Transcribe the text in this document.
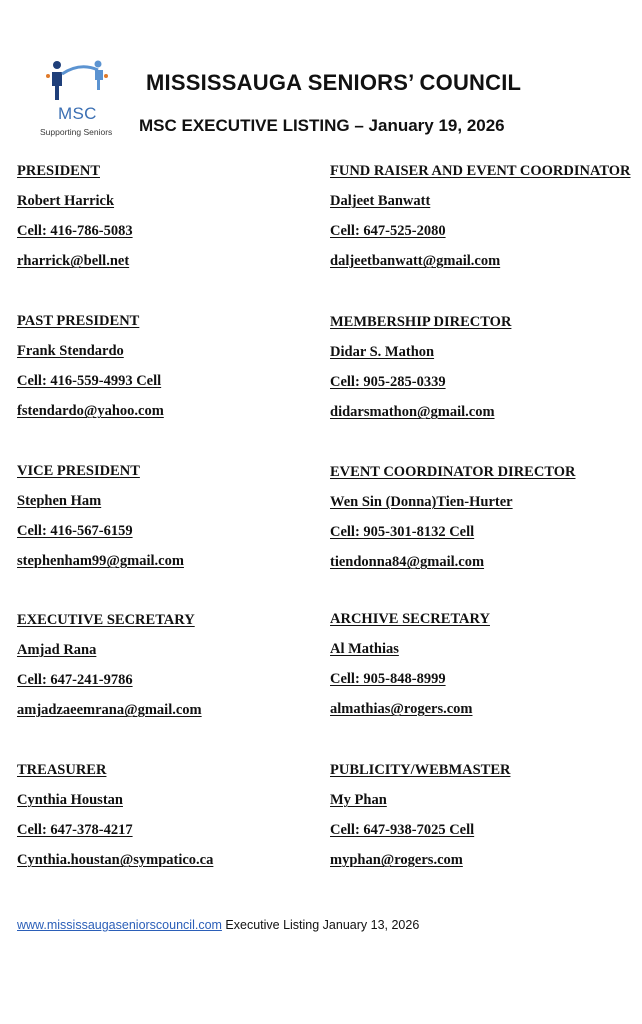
MSC
Supporting Seniors
MISSISSAUGA SENIORS’ COUNCIL
MSC EXECUTIVE LISTING – January 19, 2026
PRESIDENT
Robert Harrick
Cell: 416-786-5083
rharrick@bell.net
FUND RAISER AND EVENT COORDINATOR
Daljeet Banwatt
Cell: 647-525-2080
daljeetbanwatt@gmail.com
PAST PRESIDENT
Frank Stendardo
Cell: 416-559-4993 Cell
fstendardo@yahoo.com
MEMBERSHIP DIRECTOR
Didar S. Mathon
Cell: 905-285-0339
didarsmathon@gmail.com
VICE PRESIDENT
Stephen Ham
Cell: 416-567-6159
stephenham99@gmail.com
EVENT COORDINATOR DIRECTOR
Wen Sin (Donna)Tien-Hurter
Cell: 905-301-8132 Cell
tiendonna84@gmail.com
EXECUTIVE SECRETARY
Amjad Rana
Cell: 647-241-9786
amjadzaeemrana@gmail.com
ARCHIVE SECRETARY
Al Mathias
Cell: 905-848-8999
almathias@rogers.com
TREASURER
Cynthia Houstan
Cell: 647-378-4217
Cynthia.houstan@sympatico.ca
PUBLICITY/WEBMASTER
My Phan
Cell: 647-938-7025 Cell
myphan@rogers.com
www.mississaugaseniorscouncil.com Executive Listing January 13, 2026
